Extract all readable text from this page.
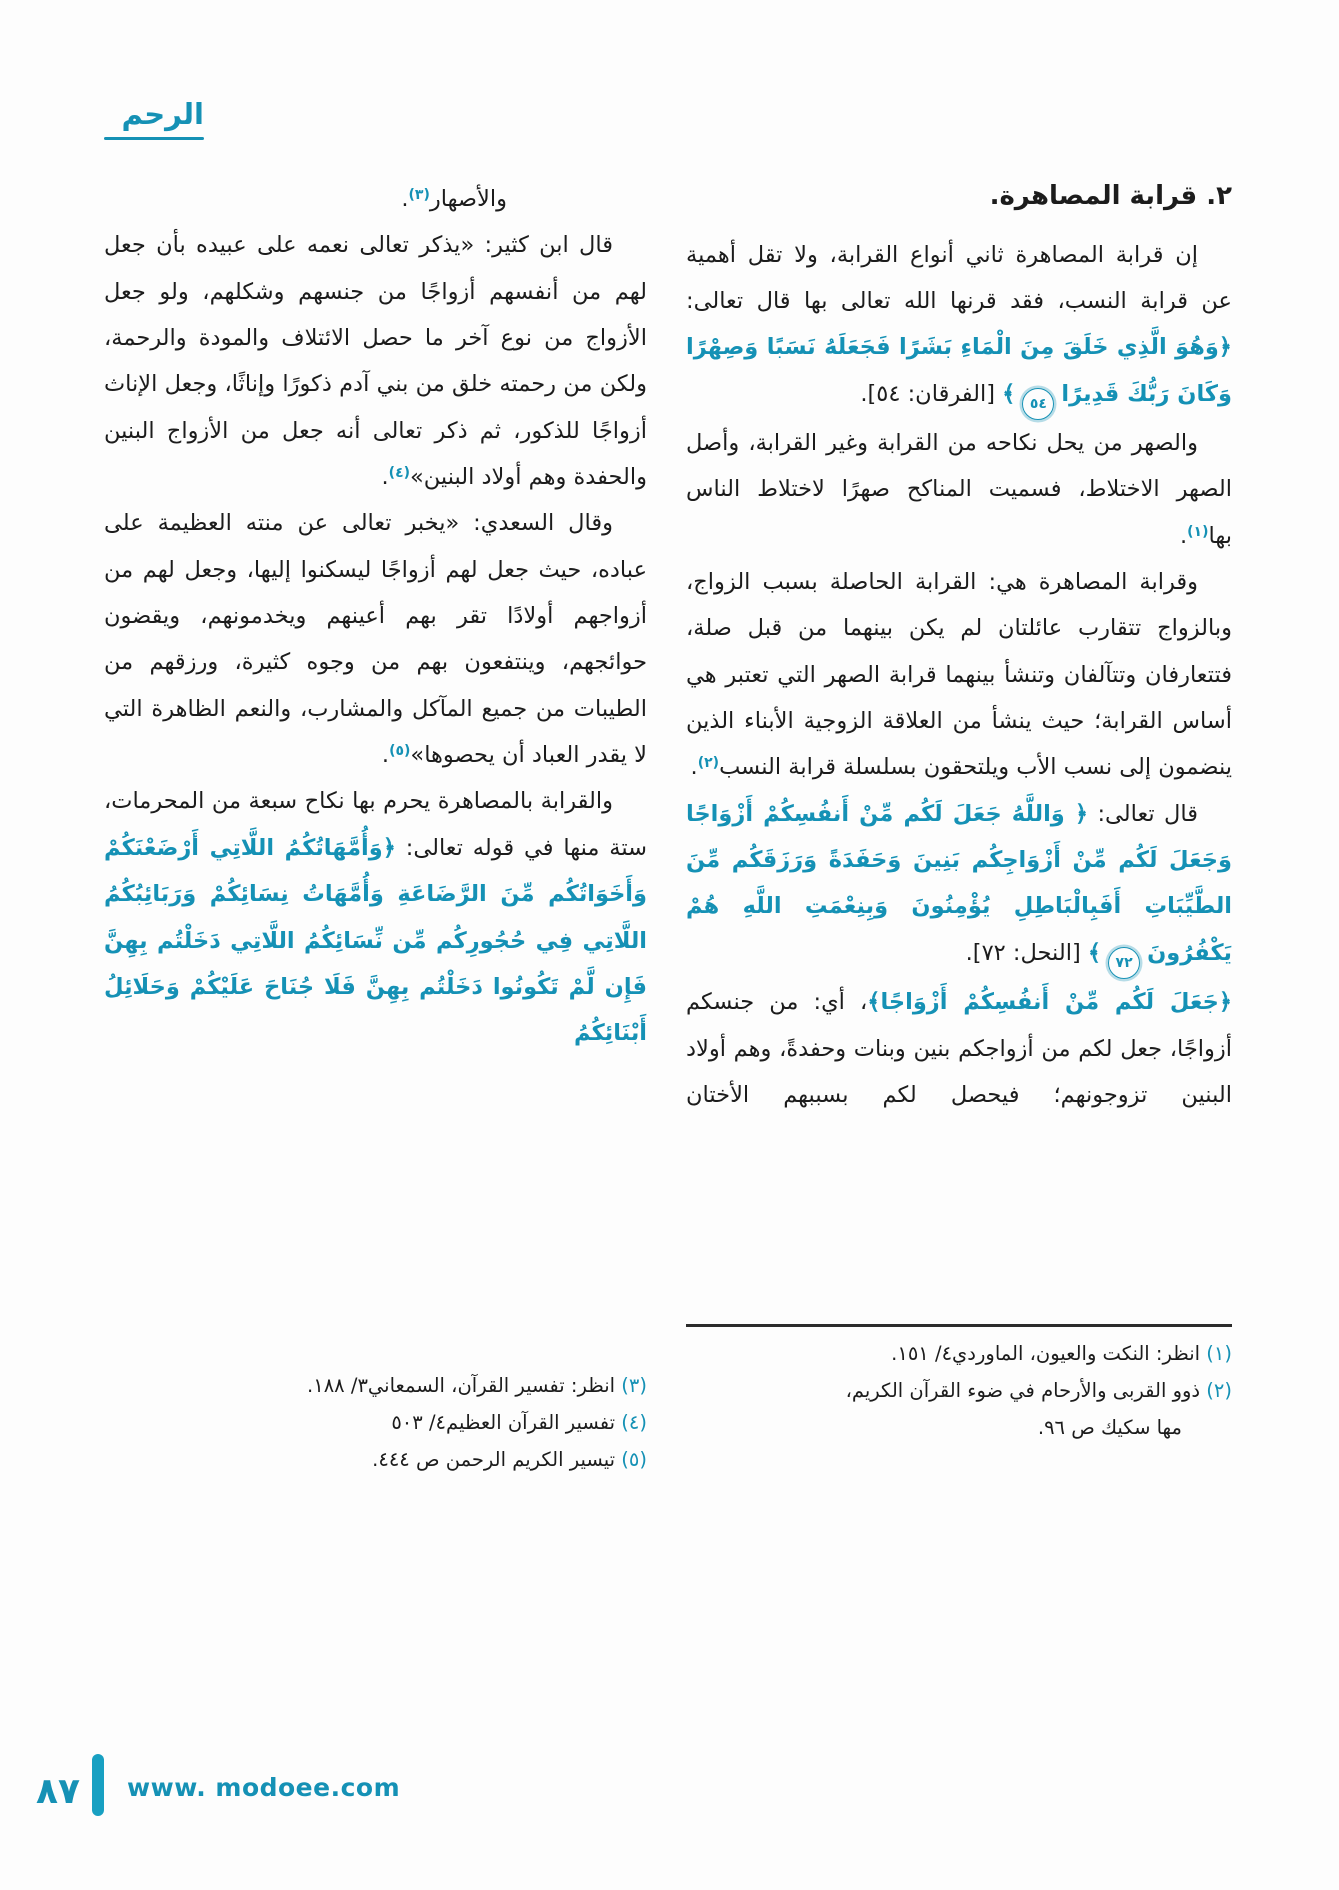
الرحم
٢. قرابة المصاهرة.

إن قرابة المصاهرة ثاني أنواع القرابة، ولا تقل أهمية عن قرابة النسب، فقد قرنها الله تعالى بها قال تعالى: ﴿وَهُوَ الَّذِي خَلَقَ مِنَ الْمَاءِ بَشَرًا فَجَعَلَهُ نَسَبًا وَصِهْرًا وَكَانَ رَبُّكَ قَدِيرًا
٥٤
﴾ [الفرقان: ٥٤].

والصهر من يحل نكاحه من القرابة وغير القرابة، وأصل الصهر الاختلاط، فسميت المناكح صهرًا لاختلاط الناس بها$^{(١)}$.

وقرابة المصاهرة هي: القرابة الحاصلة بسبب الزواج، وبالزواج تتقارب عائلتان لم يكن بينهما من قبل صلة، فتتعارفان وتتآلفان وتنشأ بينهما قرابة الصهر التي تعتبر هي أساس القرابة؛ حيث ينشأ من العلاقة الزوجية الأبناء الذين ينضمون إلى نسب الأب ويلتحقون بسلسلة قرابة النسب$^{(٢)}$.

قال تعالى: ﴿ وَاللَّهُ جَعَلَ لَكُم مِّنْ أَنفُسِكُمْ أَزْوَاجًا وَجَعَلَ لَكُم مِّنْ أَزْوَاجِكُم بَنِينَ وَحَفَدَةً وَرَزَقَكُم مِّنَ الطَّيِّبَاتِ أَفَبِالْبَاطِلِ يُؤْمِنُونَ وَبِنِعْمَتِ اللَّهِ هُمْ يَكْفُرُونَ
٧٢
﴾ [النحل: ٧٢].

﴿جَعَلَ لَكُم مِّنْ أَنفُسِكُمْ أَزْوَاجًا﴾، أي: من جنسكم أزواجًا، جعل لكم من أزواجكم بنين وبنات وحفدةً، وهم أولاد البنين تزوجونهم؛ فيحصل لكم بسببهم الأختان

(١) انظر: النكت والعيون، الماوردي٤/ ١٥١.
(٢) ذوو القربى والأرحام في ضوء القرآن الكريم،
مها سكيك ص ٩٦.

والأصهار$^{(٣)}$.

قال ابن كثير: «يذكر تعالى نعمه على عبيده بأن جعل لهم من أنفسهم أزواجًا من جنسهم وشكلهم، ولو جعل الأزواج من نوع آخر ما حصل الائتلاف والمودة والرحمة، ولكن من رحمته خلق من بني آدم ذكورًا وإناثًا، وجعل الإناث أزواجًا للذكور، ثم ذكر تعالى أنه جعل من الأزواج البنين والحفدة وهم أولاد البنين»$^{(٤)}$.

وقال السعدي: «يخبر تعالى عن منته العظيمة على عباده، حيث جعل لهم أزواجًا ليسكنوا إليها، وجعل لهم من أزواجهم أولادًا تقر بهم أعينهم ويخدمونهم، ويقضون حوائجهم، وينتفعون بهم من وجوه كثيرة، ورزقهم من الطيبات من جميع المآكل والمشارب، والنعم الظاهرة التي لا يقدر العباد أن يحصوها»$^{(٥)}$.

والقرابة بالمصاهرة يحرم بها نكاح سبعة من المحرمات، ستة منها في قوله تعالى: ﴿وَأُمَّهَاتُكُمُ اللَّاتِي أَرْضَعْنَكُمْ وَأَخَوَاتُكُم مِّنَ الرَّضَاعَةِ وَأُمَّهَاتُ نِسَائِكُمْ وَرَبَائِبُكُمُ اللَّاتِي فِي حُجُورِكُم مِّن نِّسَائِكُمُ اللَّاتِي دَخَلْتُم بِهِنَّ فَإِن لَّمْ تَكُونُوا دَخَلْتُم بِهِنَّ فَلَا جُنَاحَ عَلَيْكُمْ وَحَلَائِلُ أَبْنَائِكُمُ

(٣) انظر: تفسير القرآن، السمعاني٣/ ١٨٨.
(٤) تفسير القرآن العظيم٤/ ٥٠٣
(٥) تيسير الكريم الرحمن ص ٤٤٤.
٨٧ www. modoee.com
